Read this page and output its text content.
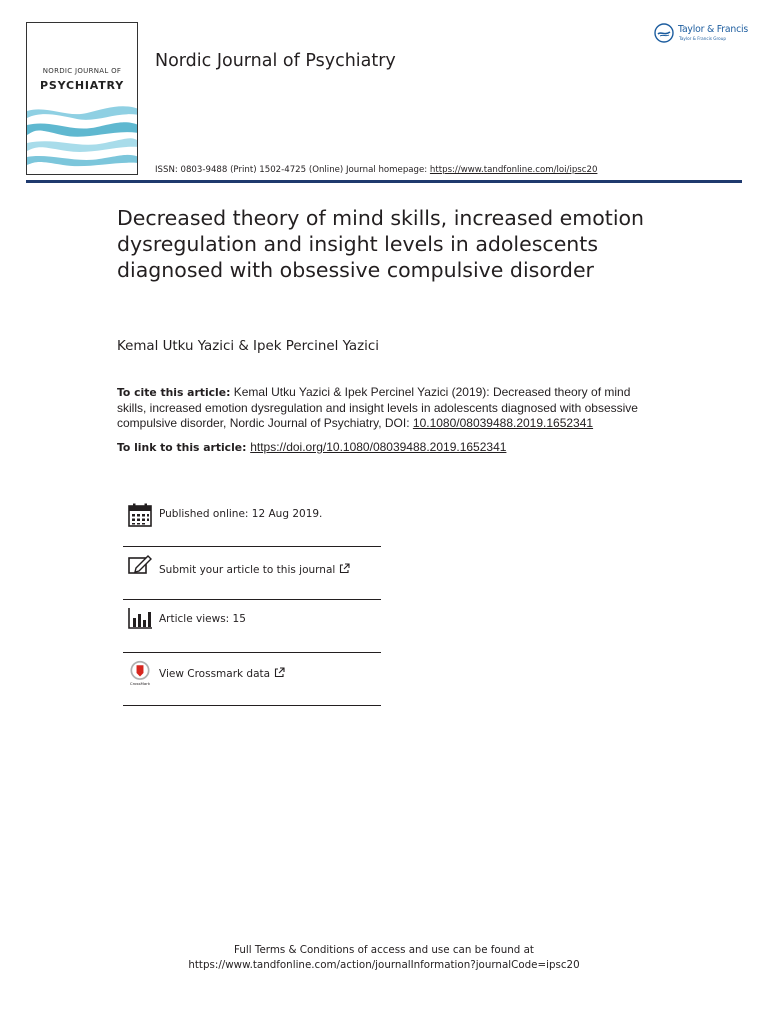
NORDIC JOURNAL OF
PSYCHIATRY
Nordic Journal of Psychiatry
ISSN: 0803-9488 (Print) 1502-4725 (Online) Journal homepage: https://www.tandfonline.com/loi/ipsc20
Taylor & Francis
Taylor & Francis Group
Decreased theory of mind skills, increased emotion dysregulation and insight levels in adolescents diagnosed with obsessive compulsive disorder
Kemal Utku Yazici & Ipek Percinel Yazici
To cite this article: Kemal Utku Yazici & Ipek Percinel Yazici (2019): Decreased theory of mind skills, increased emotion dysregulation and insight levels in adolescents diagnosed with obsessive compulsive disorder, Nordic Journal of Psychiatry, DOI: 10.1080/08039488.2019.1652341
To link to this article: https://doi.org/10.1080/08039488.2019.1652341
Published online: 12 Aug 2019.
Submit your article to this journal
Article views: 15
CrossMark
View Crossmark data
Full Terms & Conditions of access and use can be found at
https://www.tandfonline.com/action/journalInformation?journalCode=ipsc20
